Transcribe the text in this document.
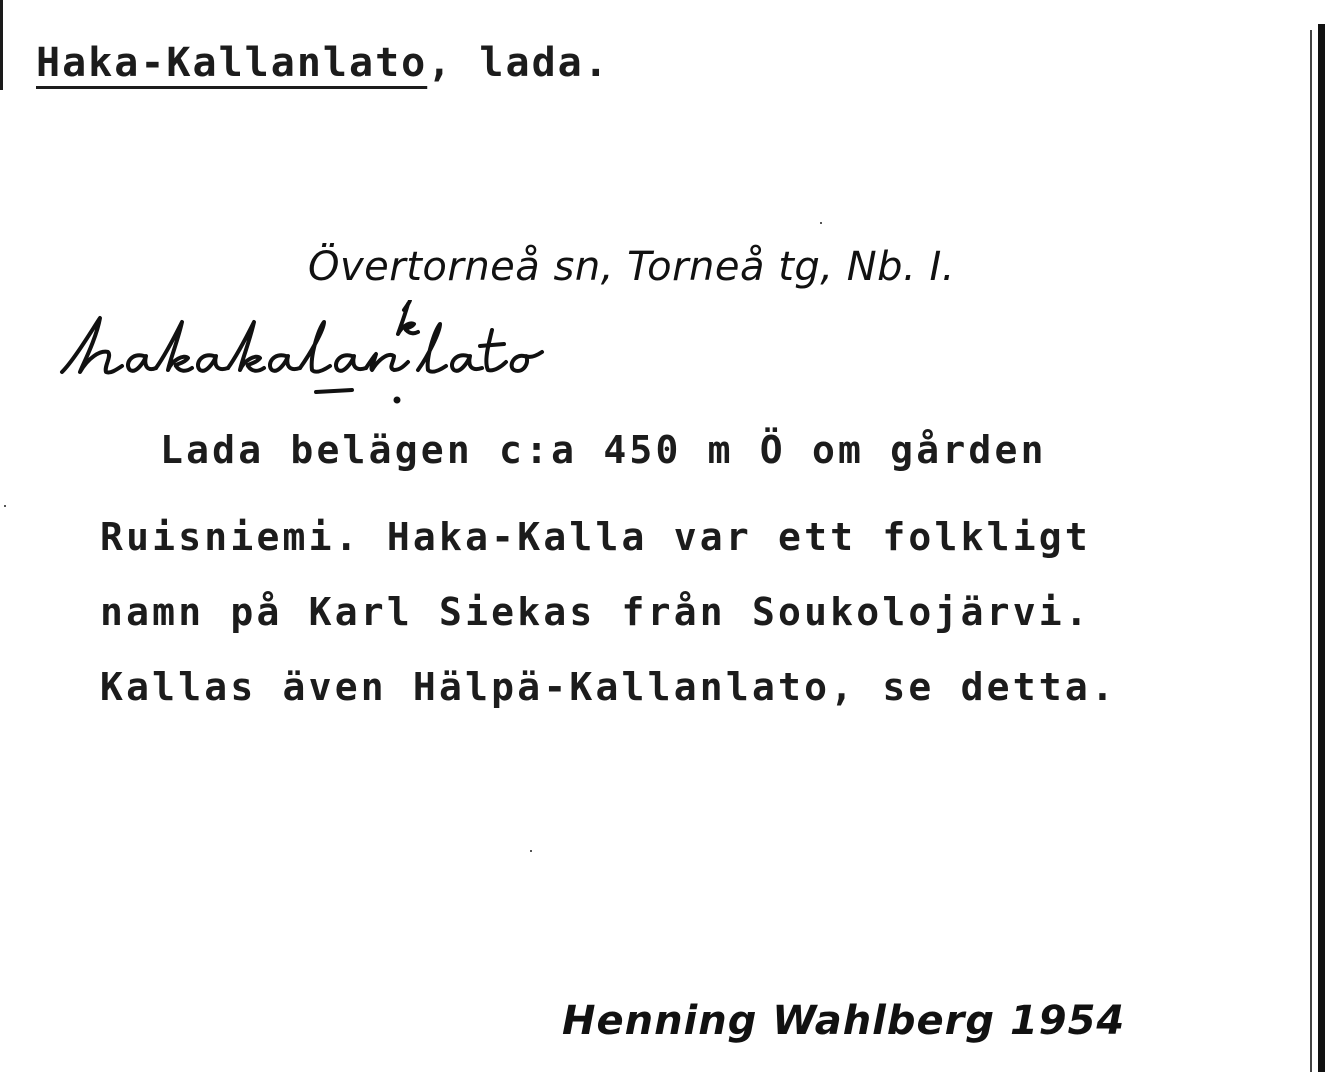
Haka-Kallanlato, lada.
Övertorneå sn, Torneå tg, Nb. I.
Lada belägen c:a 450 m Ö om gården
Ruisniemi. Haka-Kalla var ett folkligt
namn på Karl Siekas från Soukolojärvi.
Kallas även Hälpä-Kallanlato, se detta.
Henning Wahlberg 1954
